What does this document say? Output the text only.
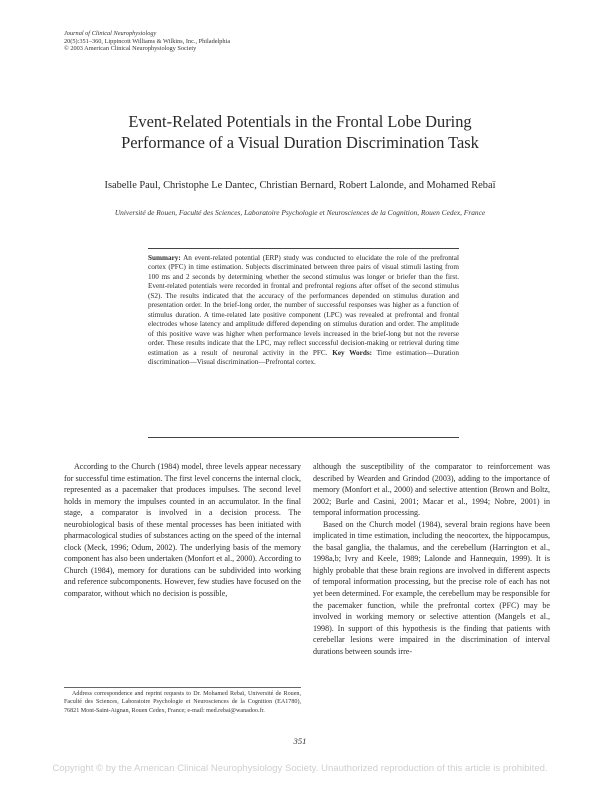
Journal of Clinical Neurophysiology
20(5):351–360, Lippincott Williams & Wilkins, Inc., Philadelphia
© 2003 American Clinical Neurophysiology Society
Event-Related Potentials in the Frontal Lobe During
Performance of a Visual Duration Discrimination Task
Isabelle Paul, Christophe Le Dantec, Christian Bernard, Robert Lalonde, and Mohamed Rebaï
Université de Rouen, Faculté des Sciences, Laboratoire Psychologie et Neurosciences de la Cognition, Rouen Cedex, France
Summary: An event-related potential (ERP) study was conducted to elucidate the role of the prefrontal cortex (PFC) in time estimation. Subjects discriminated between three pairs of visual stimuli lasting from 100 ms and 2 seconds by determining whether the second stimulus was longer or briefer than the first. Event-related potentials were recorded in frontal and prefrontal regions after offset of the second stimulus (S2). The results indicated that the accuracy of the performances depended on stimulus duration and presentation order. In the brief-long order, the number of successful responses was higher as a function of stimulus duration. A time-related late positive component (LPC) was revealed at prefrontal and frontal electrodes whose latency and amplitude differed depending on stimulus duration and order. The amplitude of this positive wave was higher when performance levels increased in the brief-long but not the reverse order. These results indicate that the LPC, may reflect successful decision-making or retrieval during time estimation as a result of neuronal activity in the PFC. Key Words: Time estimation—Duration discrimination—Visual discrimination—Prefrontal cortex.

According to the Church (1984) model, three levels appear necessary for successful time estimation. The first level concerns the internal clock, represented as a pacemaker that produces impulses. The second level holds in memory the impulses counted in an accumulator. In the final stage, a comparator is involved in a decision process. The neurobiological basis of these mental processes has been initiated with pharmacological studies of substances acting on the speed of the internal clock (Meck, 1996; Odum, 2002). The underlying basis of the memory component has also been undertaken (Monfort et al., 2000). According to Church (1984), memory for durations can be subdivided into working and reference subcomponents. However, few studies have focused on the comparator, without which no decision is possible,

although the susceptibility of the comparator to reinforcement was described by Wearden and Grindod (2003), adding to the importance of memory (Monfort et al., 2000) and selective attention (Brown and Boltz, 2002; Burle and Casini, 2001; Macar et al., 1994; Nobre, 2001) in temporal information processing.

Based on the Church model (1984), several brain regions have been implicated in time estimation, including the neocortex, the hippocampus, the basal ganglia, the thalamus, and the cerebellum (Harrington et al., 1998a,b; Ivry and Keele, 1989; Lalonde and Hannequin, 1999). It is highly probable that these brain regions are involved in different aspects of temporal information processing, but the precise role of each has not yet been determined. For example, the cerebellum may be responsible for the pacemaker function, while the prefrontal cortex (PFC) may be involved in working memory or selective attention (Mangels et al., 1998). In support of this hypothesis is the finding that patients with cerebellar lesions were impaired in the discrimination of interval durations between sounds irre-

Address correspondence and reprint requests to Dr. Mohamed Rebaï, Université de Rouen, Faculté des Sciences, Laboratoire Psychologie et Neurosciences de la Cognition (EA1780), 76821 Mont-Saint-Aignan, Rouen Cedex, France; e-mail: med.rebai@wanadoo.fr.
351
Copyright © by the American Clinical Neurophysiology Society. Unauthorized reproduction of this article is prohibited.
